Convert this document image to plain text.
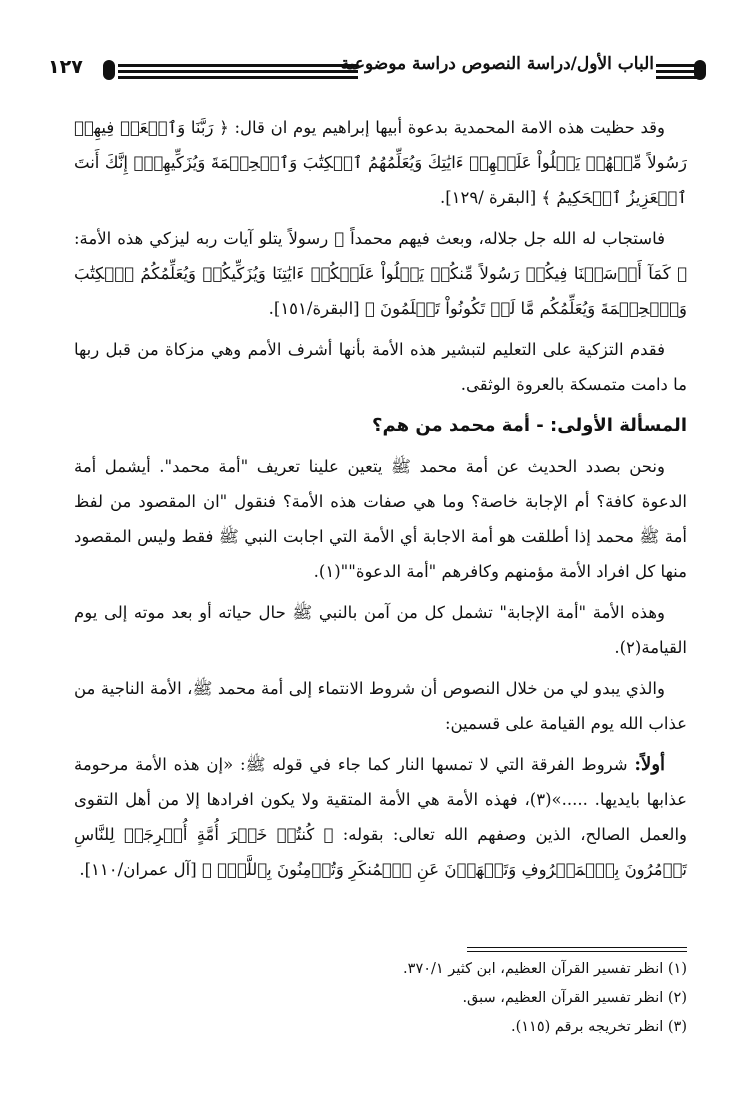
١٢٧	الباب الأول/دراسة النصوص دراسة موضوعية

وقد حظيت هذه الامة المحمدية بدعوة أبيها إبراهيم يوم ان قال: ﴿ رَبَّنَا وَٱبۡعَثۡ فِيهِمۡ رَسُولاً مِّنۡهُمۡ يَتۡلُواْ عَلَيۡهِمۡ ءَايَٰتِكَ وَيُعَلِّمُهُمُ ٱلۡكِتَٰبَ وَٱلۡحِكۡمَةَ وَيُزَكِّيهِمۡۚ إِنَّكَ أَنتَ ٱلۡعَزِيزُ ٱلۡحَكِيمُ ﴾ [البقرة /١٢٩].

فاستجاب له الله جل جلاله، وبعث فيهم محمداً ﷺ رسولاً يتلو آيات ربه ليزكي هذه الأمة: ﴿ كَمَآ أَرۡسَلۡنَا فِيكُمۡ رَسُولاً مِّنكُمۡ يَتۡلُواْ عَلَيۡكُمۡ ءَايَٰتِنَا وَيُزَكِّيكُمۡ وَيُعَلِّمُكُمُ ٱلۡكِتَٰبَ وَٱلۡحِكۡمَةَ وَيُعَلِّمُكُم مَّا لَمۡ تَكُونُواْ تَعۡلَمُونَ ﴾ [البقرة/١٥١].

فقدم التزكية على التعليم لتبشير هذه الأمة بأنها أشرف الأمم وهي مزكاة من قبل ربها ما دامت متمسكة بالعروة الوثقى.

المسألة الأولى: - أمة محمد من هم؟

ونحن بصدد الحديث عن أمة محمد ﷺ يتعين علينا تعريف "أمة محمد". أيشمل أمة الدعوة كافة؟ أم الإجابة خاصة؟ وما هي صفات هذه الأمة؟ فنقول "ان المقصود من لفظ أمة ﷺ محمد إذا أطلقت هو أمة الاجابة أي الأمة التي اجابت النبي ﷺ فقط وليس المقصود منها كل افراد الأمة مؤمنهم وكافرهم "أمة الدعوة""(١).

وهذه الأمة "أمة الإجابة" تشمل كل من آمن بالنبي ﷺ حال حياته أو بعد موته إلى يوم القيامة(٢).

والذي يبدو لي من خلال النصوص أن شروط الانتماء إلى أمة محمد ﷺ، الأمة الناجية من عذاب الله يوم القيامة على قسمين:

أولاً: شروط الفرقة التي لا تمسها النار كما جاء في قوله ﷺ: «إن هذه الأمة مرحومة عذابها بايديها. .....»(٣)، فهذه الأمة هي الأمة المتقية ولا يكون افرادها إلا من أهل التقوى والعمل الصالح، الذين وصفهم الله تعالى: بقوله: ﴿ كُنتُمۡ خَيۡرَ أُمَّةٍ أُخۡرِجَتۡ لِلنَّاسِ تَأۡمُرُونَ بِٱلۡمَعۡرُوفِ وَتَنۡهَوۡنَ عَنِ ٱلۡمُنكَرِ وَتُؤۡمِنُونَ بِٱللَّهِۗ ﴾ [آل عمران/١١٠].

(١) انظر تفسير القرآن العظيم، ابن كثير ٣٧٠/١.

(٢) انظر تفسير القرآن العظيم، سبق.

(٣) انظر تخريجه برقم (١١٥).
